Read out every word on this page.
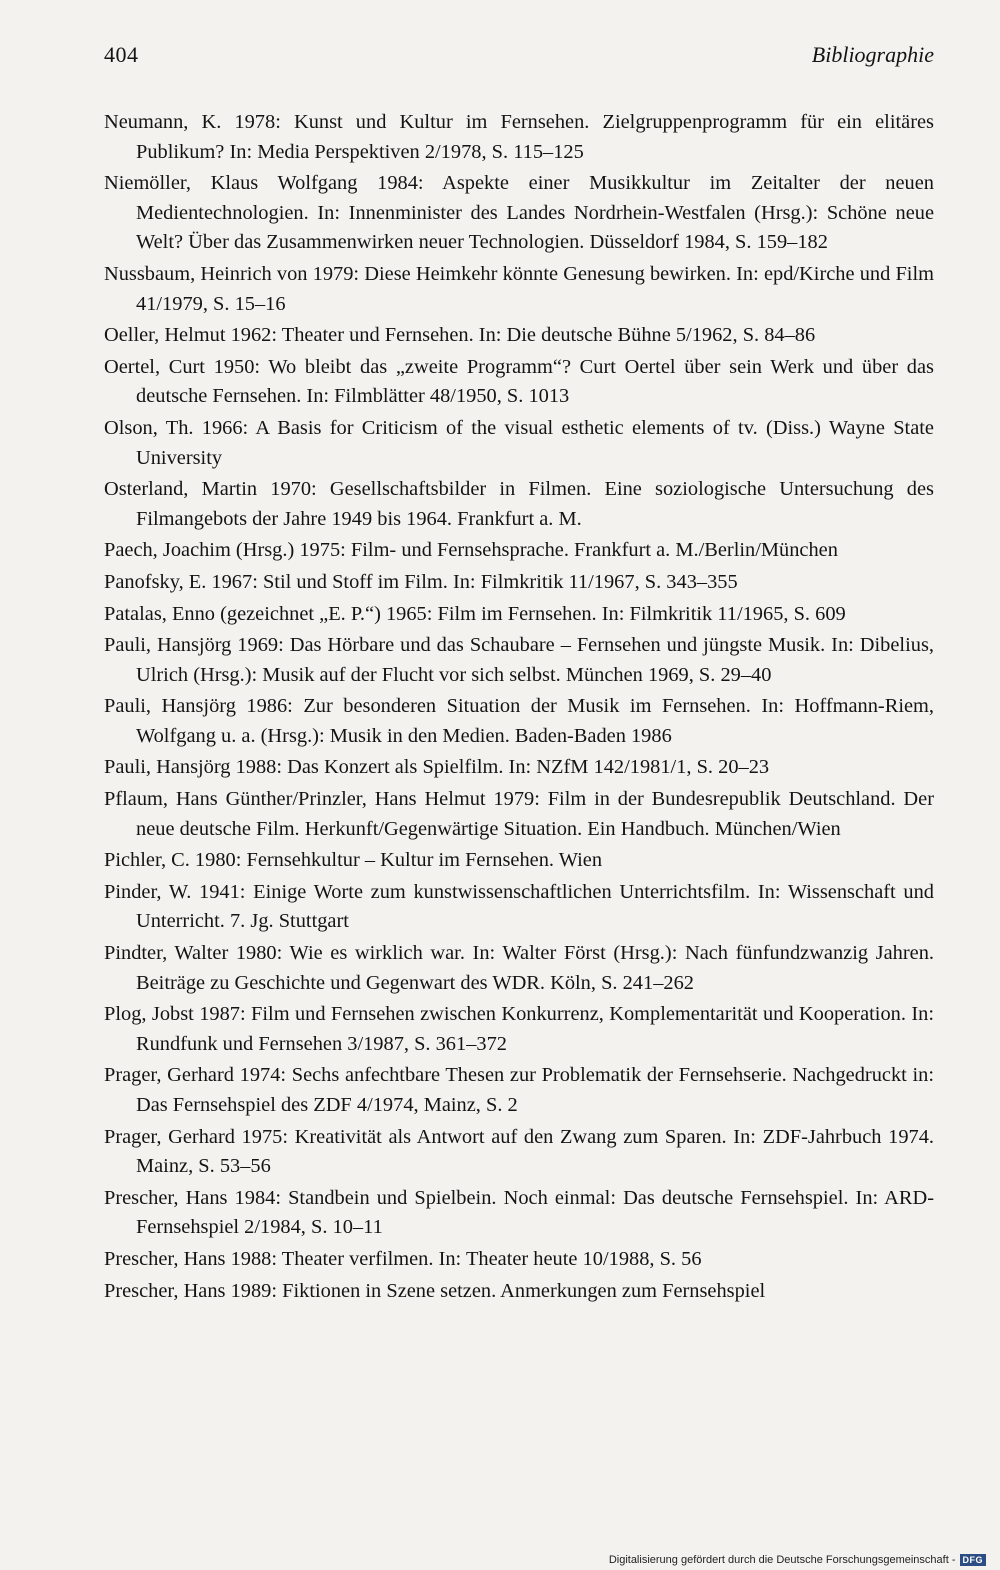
404	Bibliographie
Neumann, K. 1978: Kunst und Kultur im Fernsehen. Zielgruppenprogramm für ein elitäres Publikum? In: Media Perspektiven 2/1978, S. 115–125
Niemöller, Klaus Wolfgang 1984: Aspekte einer Musikkultur im Zeitalter der neuen Medientechnologien. In: Innenminister des Landes Nordrhein-Westfalen (Hrsg.): Schöne neue Welt? Über das Zusammenwirken neuer Technologien. Düsseldorf 1984, S. 159–182
Nussbaum, Heinrich von 1979: Diese Heimkehr könnte Genesung bewirken. In: epd/Kirche und Film 41/1979, S. 15–16
Oeller, Helmut 1962: Theater und Fernsehen. In: Die deutsche Bühne 5/1962, S. 84–86
Oertel, Curt 1950: Wo bleibt das „zweite Programm“? Curt Oertel über sein Werk und über das deutsche Fernsehen. In: Filmblätter 48/1950, S. 1013
Olson, Th. 1966: A Basis for Criticism of the visual esthetic elements of tv. (Diss.) Wayne State University
Osterland, Martin 1970: Gesellschaftsbilder in Filmen. Eine soziologische Untersuchung des Filmangebots der Jahre 1949 bis 1964. Frankfurt a. M.
Paech, Joachim (Hrsg.) 1975: Film- und Fernsehsprache. Frankfurt a. M./Berlin/München
Panofsky, E. 1967: Stil und Stoff im Film. In: Filmkritik 11/1967, S. 343–355
Patalas, Enno (gezeichnet „E. P.“) 1965: Film im Fernsehen. In: Filmkritik 11/1965, S. 609
Pauli, Hansjörg 1969: Das Hörbare und das Schaubare – Fernsehen und jüngste Musik. In: Dibelius, Ulrich (Hrsg.): Musik auf der Flucht vor sich selbst. München 1969, S. 29–40
Pauli, Hansjörg 1986: Zur besonderen Situation der Musik im Fernsehen. In: Hoffmann-Riem, Wolfgang u. a. (Hrsg.): Musik in den Medien. Baden-Baden 1986
Pauli, Hansjörg 1988: Das Konzert als Spielfilm. In: NZfM 142/1981/1, S. 20–23
Pflaum, Hans Günther/Prinzler, Hans Helmut 1979: Film in der Bundesrepublik Deutschland. Der neue deutsche Film. Herkunft/Gegenwärtige Situation. Ein Handbuch. München/Wien
Pichler, C. 1980: Fernsehkultur – Kultur im Fernsehen. Wien
Pinder, W. 1941: Einige Worte zum kunstwissenschaftlichen Unterrichtsfilm. In: Wissenschaft und Unterricht. 7. Jg. Stuttgart
Pindter, Walter 1980: Wie es wirklich war. In: Walter Först (Hrsg.): Nach fünfundzwanzig Jahren. Beiträge zu Geschichte und Gegenwart des WDR. Köln, S. 241–262
Plog, Jobst 1987: Film und Fernsehen zwischen Konkurrenz, Komplementarität und Kooperation. In: Rundfunk und Fernsehen 3/1987, S. 361–372
Prager, Gerhard 1974: Sechs anfechtbare Thesen zur Problematik der Fernsehserie. Nachgedruckt in: Das Fernsehspiel des ZDF 4/1974, Mainz, S. 2
Prager, Gerhard 1975: Kreativität als Antwort auf den Zwang zum Sparen. In: ZDF-Jahrbuch 1974. Mainz, S. 53–56
Prescher, Hans 1984: Standbein und Spielbein. Noch einmal: Das deutsche Fernsehspiel. In: ARD-Fernsehspiel 2/1984, S. 10–11
Prescher, Hans 1988: Theater verfilmen. In: Theater heute 10/1988, S. 56
Prescher, Hans 1989: Fiktionen in Szene setzen. Anmerkungen zum Fernsehspiel
Digitalisierung gefördert durch die Deutsche Forschungsgemeinschaft - DFG
